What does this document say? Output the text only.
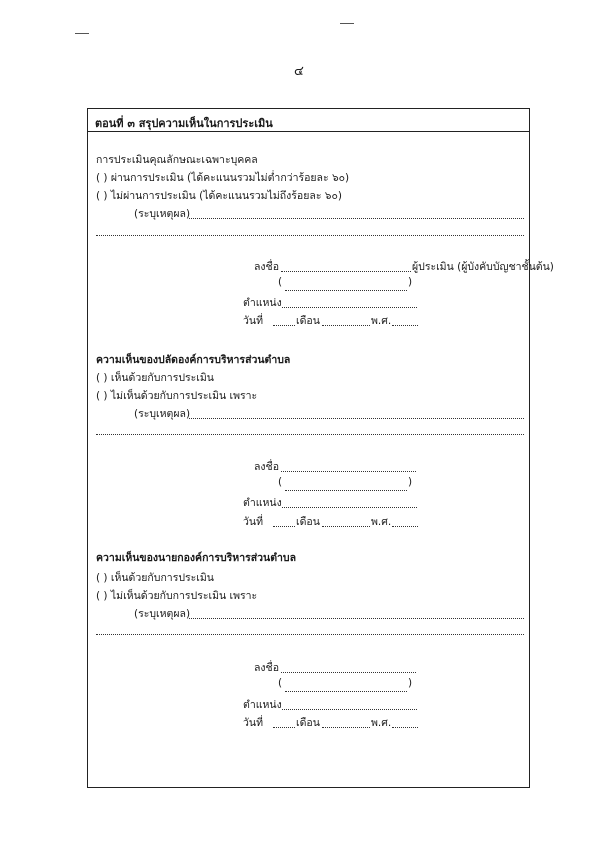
๔
ตอนที่ ๓ สรุปความเห็นในการประเมิน
การประเมินคุณลักษณะเฉพาะบุคคล
( ) ผ่านการประเมิน (ได้คะแนนรวมไม่ต่ำกว่าร้อยละ ๖๐)
( ) ไม่ผ่านการประเมิน (ได้คะแนนรวมไม่ถึงร้อยละ ๖๐)
(ระบุเหตุผล)
ลงชื่อ	ผู้ประเมิน (ผู้บังคับบัญชาชั้นต้น)
(	)
ตำแหน่ง
วันที่	เดือน	พ.ศ.
ความเห็นของปลัดองค์การบริหารส่วนตำบล
( ) เห็นด้วยกับการประเมิน
( ) ไม่เห็นด้วยกับการประเมิน เพราะ
(ระบุเหตุผล)
ลงชื่อ
(	)
ตำแหน่ง
วันที่	เดือน	พ.ศ.
ความเห็นของนายกองค์การบริหารส่วนตำบล
( ) เห็นด้วยกับการประเมิน
( ) ไม่เห็นด้วยกับการประเมิน เพราะ
(ระบุเหตุผล)
ลงชื่อ
(	)
ตำแหน่ง
วันที่	เดือน	พ.ศ.
